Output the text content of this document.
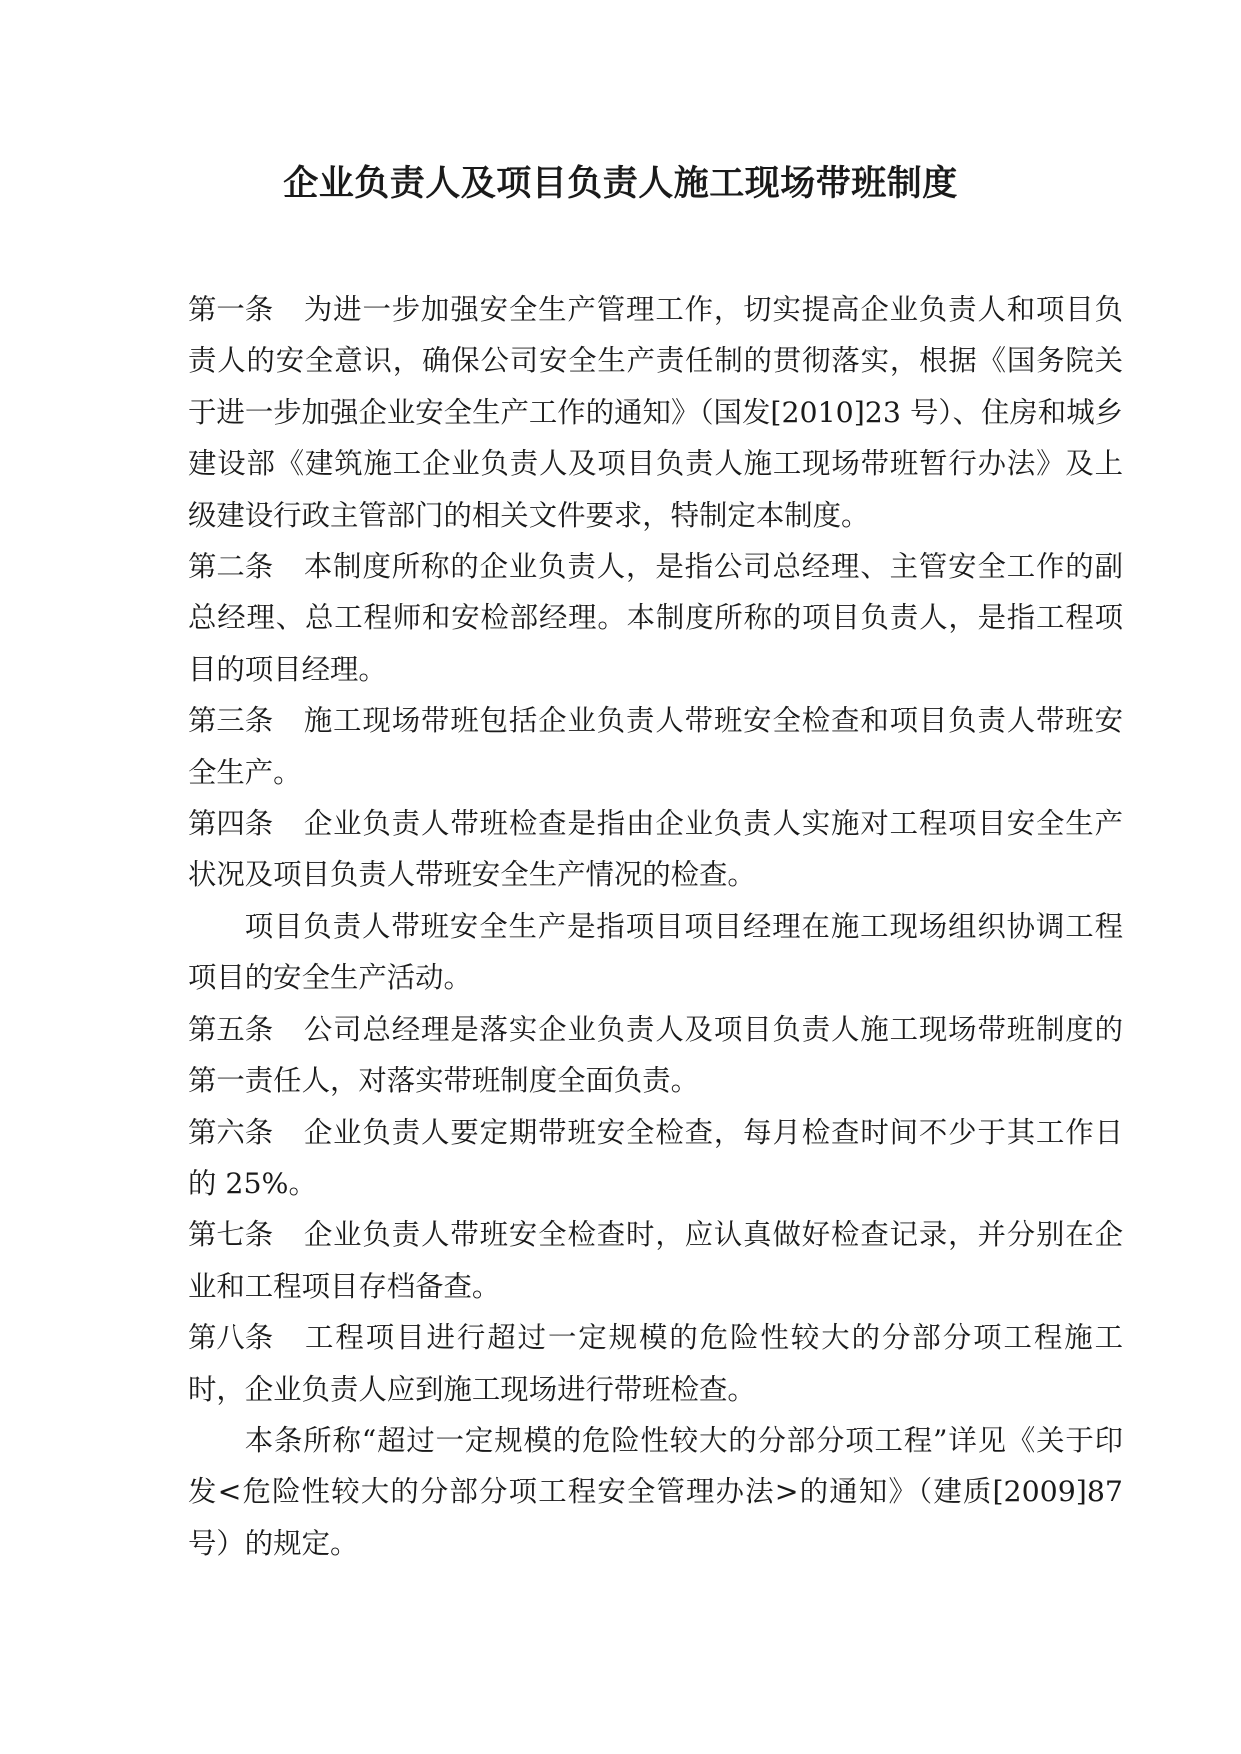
企业负责人及项目负责人施工现场带班制度

第一条 为进一步加强安全生产管理工作，切实提高企业负责人和项目负责人的安全意识，确保公司安全生产责任制的贯彻落实，根据《国务院关于进一步加强企业安全生产工作的通知》（国发[2010]23 号）、住房和城乡建设部《建筑施工企业负责人及项目负责人施工现场带班暂行办法》及上级建设行政主管部门的相关文件要求，特制定本制度。

第二条 本制度所称的企业负责人，是指公司总经理、主管安全工作的副总经理、总工程师和安检部经理。本制度所称的项目负责人，是指工程项目的项目经理。

第三条 施工现场带班包括企业负责人带班安全检查和项目负责人带班安全生产。

第四条 企业负责人带班检查是指由企业负责人实施对工程项目安全生产状况及项目负责人带班安全生产情况的检查。

项目负责人带班安全生产是指项目项目经理在施工现场组织协调工程项目的安全生产活动。

第五条 公司总经理是落实企业负责人及项目负责人施工现场带班制度的第一责任人，对落实带班制度全面负责。

第六条 企业负责人要定期带班安全检查，每月检查时间不少于其工作日的 25%。

第七条 企业负责人带班安全检查时，应认真做好检查记录，并分别在企业和工程项目存档备查。

第八条 工程项目进行超过一定规模的危险性较大的分部分项工程施工时，企业负责人应到施工现场进行带班检查。

本条所称“超过一定规模的危险性较大的分部分项工程”详见《关于印发<危险性较大的分部分项工程安全管理办法>的通知》（建质[2009]87 号）的规定。
